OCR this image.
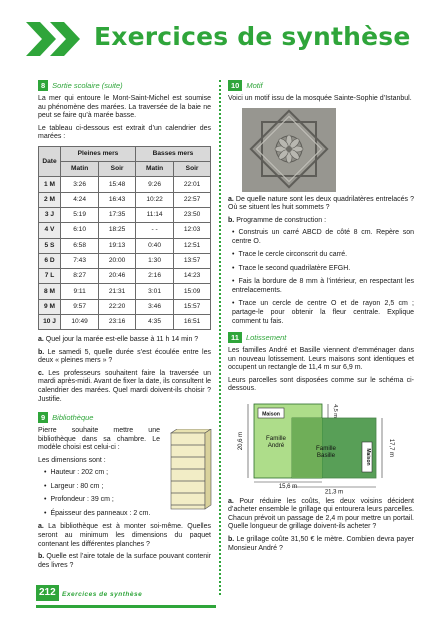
Exercices de synthèse
8 Sortie scolaire (suite)

La mer qui entoure le Mont-Saint-Michel est soumise au phénomène des marées. La traversée de la baie ne peut se faire qu’à marée basse.

Le tableau ci-dessous est extrait d’un calendrier des marées :

Date	Pleines mers		Basses mers	
	Matin	Soir	Matin	Soir
1 M	3:26	15:48	9:26	22:01
2 M	4:24	16:43	10:22	22:57
3 J	5:19	17:35	11:14	23:50
4 V	6:10	18:25	- -	12:03
5 S	6:58	19:13	0:40	12:51
6 D	7:43	20:00	1:30	13:57
7 L	8:27	20:46	2:16	14:23
8 M	9:11	21:31	3:01	15:09
9 M	9:57	22:20	3:46	15:57
10 J	10:49	23:16	4:35	16:51

a. Quel jour la marée est-elle basse à 11 h 14 min ?

b. Le samedi 5, quelle durée s’est écoulée entre les deux « pleines mers » ?

c. Les professeurs souhaitent faire la traversée un mardi après-midi. Avant de fixer la date, ils consultent le calendrier des marées. Quel mardi doivent-ils choisir ? Justifie.

9 Bibliothèque

Pierre souhaite mettre une bibliothèque dans sa chambre. Le modèle choisi est celui-ci :

Les dimensions sont :

• Hauteur : 202 cm ;
• Largeur : 80 cm ;
• Profondeur : 39 cm ;
• Épaisseur des panneaux : 2 cm.

a. La bibliothèque est à monter soi-même. Quelles seront au minimum les dimensions du paquet contenant les différentes planches ?

b. Quelle est l’aire totale de la surface pouvant contenir des livres ?

10 Motif

Voici un motif issu de la mosquée Sainte-Sophie d’Istanbul.

a. De quelle nature sont les deux quadrilatères entrelacés ? Où se situent les huit sommets ?

b. Programme de construction :

• Construis un carré ABCD de côté 8 cm. Repère son centre O.
• Trace le cercle circonscrit du carré.
• Trace le second quadrilatère EFGH.
• Fais la bordure de 8 mm à l’intérieur, en respectant les entrelacements.
• Trace un cercle de centre O et de rayon 2,5 cm ; partage-le pour obtenir la fleur centrale. Explique comment tu fais.
11 Lotissement

Les familles André et Basille viennent d’emménager dans un nouveau lotissement. Leurs maisons sont identiques et occupent un rectangle de 11,4 m sur 6,9 m.

Leurs parcelles sont disposées comme sur le schéma ci-dessous.

Maison
Maison
Famille
André	Famille
Basille
20,6 m
4,5 m
17,7 m
15,6 m
21,3 m

a. Pour réduire les coûts, les deux voisins décident d’acheter ensemble le grillage qui entourera leurs parcelles. Chacun prévoit un passage de 2,4 m pour mettre un portail. Quelle longueur de grillage doivent-ils acheter ?

b. Le grillage coûte 31,50 € le mètre. Combien devra payer Monsieur André ?

212 Exercices de synthèse
